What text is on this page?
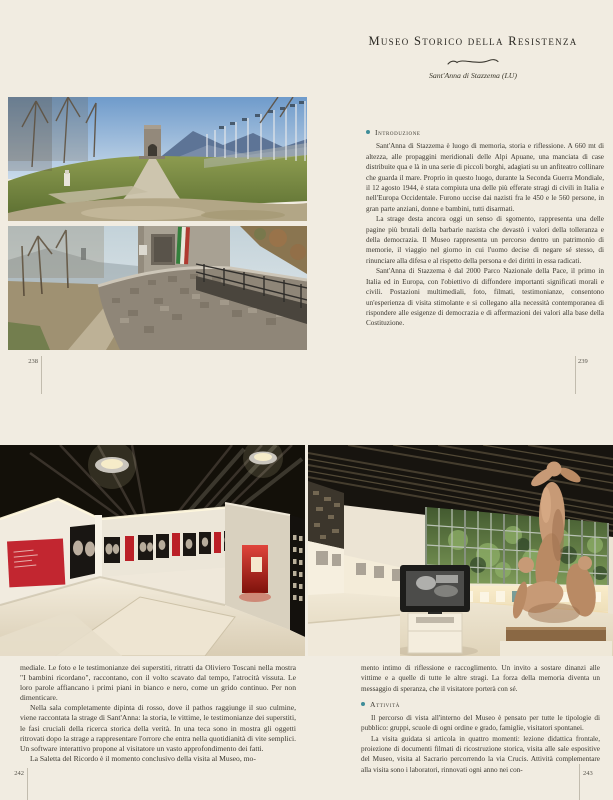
Museo Storico della Resistenza
Sant'Anna di Stazzema (LU)
Introduzione

Sant'Anna di Stazzema è luogo di memoria, storia e riflessione. A 660 mt di altezza, alle propaggini meridionali delle Alpi Apuane, una manciata di case distribuite qua e là in una serie di piccoli borghi, adagiati su un anfiteatro collinare che guarda il mare. Proprio in questo luogo, durante la Seconda Guerra Mondiale, il 12 agosto 1944, è stata compiuta una delle più efferate stragi di civili in Italia e nell'Europa Occidentale. Furono uccise dai nazisti fra le 450 e le 560 persone, in gran parte anziani, donne e bambini, tutti disarmati.

La strage desta ancora oggi un senso di sgomento, rappresenta una delle pagine più brutali della barbarie nazista che devastò i valori della tolleranza e della democrazia. Il Museo rappresenta un percorso dentro un patrimonio di memorie, il viaggio nel giorno in cui l'uomo decise di negare sé stesso, di rinunciare alla difesa e al rispetto della persona e dei diritti in essa radicati.

Sant'Anna di Stazzema è dal 2000 Parco Nazionale della Pace, il primo in Italia ed in Europa, con l'obiettivo di diffondere importanti significati morali e civili. Postazioni multimediali, foto, filmati, testimonianze, consentono un'esperienza di visita stimolante e si collegano alla necessità contemporanea di rispondere alle esigenze di democrazia e di affermazioni dei valori alla base della Costituzione.

238	239

mediale. Le foto e le testimonianze dei superstiti, ritratti da Oliviero Toscani nella mostra "I bambini ricordano", raccontano, con il volto scavato dal tempo, l'atrocità vissuta. Le loro parole affiancano i primi piani in bianco e nero, come un grido continuo. Per non dimenticare.

Nella sala completamente dipinta di rosso, dove il pathos raggiunge il suo culmine, viene raccontata la strage di Sant'Anna: la storia, le vittime, le testimonianze dei superstiti, le fasi cruciali della ricerca storica della verità. In una teca sono in mostra gli oggetti ritrovati dopo la strage a rappresentare l'orrore che entra nella quotidianità di vite semplici. Un software interattivo propone al visitatore un vasto approfondimento dei fatti.

La Saletta del Ricordo è il momento conclusivo della visita al Museo, mo-

mento intimo di riflessione e raccoglimento. Un invito a sostare dinanzi alle vittime e a quelle di tutte le altre stragi. La forza della memoria diventa un messaggio di speranza, che il visitatore porterà con sé.

Attività

Il percorso di vista all'interno del Museo è pensato per tutte le tipologie di pubblico: gruppi, scuole di ogni ordine e grado, famiglie, visitatori spontanei.

La visita guidata si articola in quattro momenti: lezione didattica frontale, proiezione di documenti filmati di ricostruzione storica, visita alle sale espositive del Museo, visita al Sacrario percorrendo la via Crucis. Attività complementare alla visita sono i laboratori, rinnovati ogni anno nei con-

242	243
